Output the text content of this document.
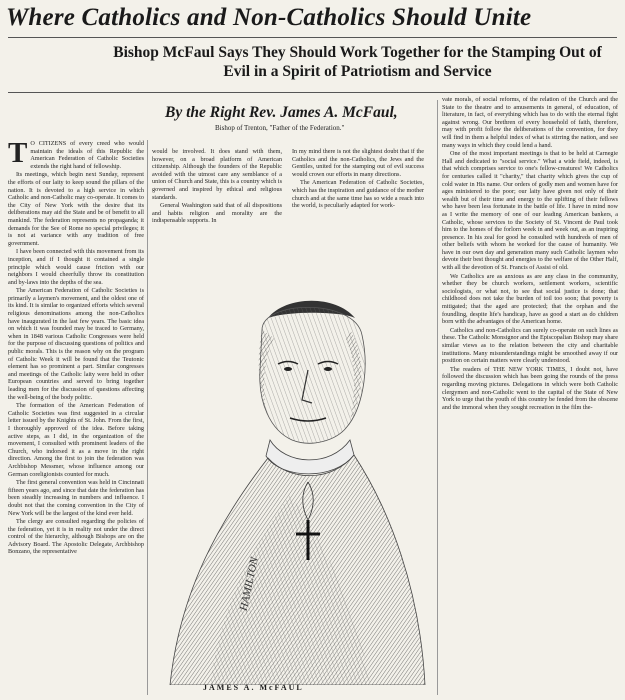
Where Catholics and Non-Catholics Should Unite
Bishop McFaul Says They Should Work Together for the Stamping Out of Evil in a Spirit of Patriotism and Service
By the Right Rev. James A. McFaul,
Bishop of Trenton, "Father of the Federation."

T O CITIZENS of every creed who would maintain the ideals of this Republic the American Federation of Catholic Societies extends the right hand of fellowship.

Its meetings, which begin next Sunday, represent the efforts of our laity to keep sound the pillars of the nation. It is devoted to a high service in which Catholic and non-Catholic may co-operate. It comes to the City of New York with the desire that its deliberations may aid the State and be of benefit to all mankind. The federation represents no propaganda; it demands for the See of Rome no special privileges; it is not at variance with any tradition of free government.

I have been connected with this movement from its inception, and if I thought it contained a single principle which would cause friction with our neighbors I would cheerfully throw its constitution and by-laws into the depths of the sea.

The American Federation of Catholic Societies is primarily a laymen's movement, and the oldest one of its kind. It is similar to organized efforts which several religious denominations among the non-Catholics have inaugurated in the last few years. The basic idea on which it was founded may be traced to Germany, when in 1848 various Catholic Congresses were held for the purpose of discussing questions of politics and public morals. This is the reason why on the program of Catholic Week it will be found that the Teutonic element has so prominent a part. Similar congresses and meetings of the Catholic laity were held in other European countries and served to bring together leading men for the discussion of questions affecting the well-being of the body politic.

The formation of the American Federation of Catholic Societies was first suggested in a circular letter issued by the Knights of St. John. From the first, I thoroughly approved of the idea. Before taking active steps, as I did, in the organization of the movement, I consulted with prominent leaders of the Church, who indorsed it as a move in the right direction. Among the first to join the federation was Archbishop Messmer, whose influence among our German coreligionists counted for much.

The first general convention was held in Cincinnati fifteen years ago, and since that date the federation has been steadily increasing in numbers and influence. I doubt not that the coming convention in the City of New York will be the largest of the kind ever held.

The clergy are consulted regarding the policies of the federation, yet it is in reality not under the direct control of the hierarchy, although Bishops are on the Advisory Board. The Apostolic Delegate, Archbishop Bonzano, the representative

would be involved. It does stand with them, however, on a broad platform of American citizenship. Although the founders of the Republic avoided with the utmost care any semblance of a union of Church and State, this is a country which is governed and inspired by ethical and religious standards.

General Washington said that of all dispositions and habits religion and morality are the indispensable supports. In

In my mind there is not the slightest doubt that if the Catholics and the non-Catholics, the Jews and the Gentiles, united for the stamping out of evil success would crown our efforts in many directions.

The American Federation of Catholic Societies, which has the inspiration and guidance of the mother church and at the same time has so wide a reach into the world, is peculiarly adapted for work-

vate morals, of social reforms, of the relation of the Church and the State to the theatre and to amusements in general, of education, of literature, in fact, of everything which has to do with the eternal fight against wrong. Our brethren of every household of faith, therefore, may with profit follow the deliberations of the convention, for they will find in them a helpful index of what is stirring the nation, and see many ways in which they could lend a hand.

One of the most important meetings is that to be held at Carnegie Hall and dedicated to "social service." What a wide field, indeed, is that which comprises service to one's fellow-creatures! We Catholics for centuries called it "charity," that charity which gives the cup of cold water in His name. Our orders of godly men and women have for ages ministered to the poor; our laity have given not only of their wealth but of their time and energy to the uplifting of their fellows who have been less fortunate in the battle of life. I have in mind now as I write the memory of one of our leading American bankers, a Catholic, whose services to the Society of St. Vincent de Paul took him to the homes of the forlorn week in and week out, as an inspiring presence. In his zeal for good he consulted with hundreds of men of other beliefs with whom he worked for the cause of humanity. We have in our own day and generation many such Catholic laymen who devote their best thought and energies to the welfare of the Other Half, with all the devotion of St. Francis of Assisi of old.

We Catholics are as anxious as are any class in the community, whether they be church workers, settlement workers, scientific sociologists, or what not, to see that social justice is done; that childhood does not take the burden of toil too soon; that poverty is mitigated; that the aged are protected; that the orphan and the foundling, despite life's handicap, have as good a start as do children born with the advantages of the American home.

Catholics and non-Catholics can surely co-operate on such lines as these. The Catholic Monsignor and the Episcopalian Bishop may share similar views as to the relation between the city and charitable institutions. Many misunderstandings might be smoothed away if our position on certain matters were clearly understood.

The readers of THE NEW YORK TIMES, I doubt not, have followed the discussion which has been going the rounds of the press regarding moving pictures. Delegations in which were both Catholic clergymen and non-Catholic went to the capital of the State of New York to urge that the youth of this country be fended from the obscene and the immoral when they sought recreation in the film the-

HAMILTON
JAMES A. McFAUL
